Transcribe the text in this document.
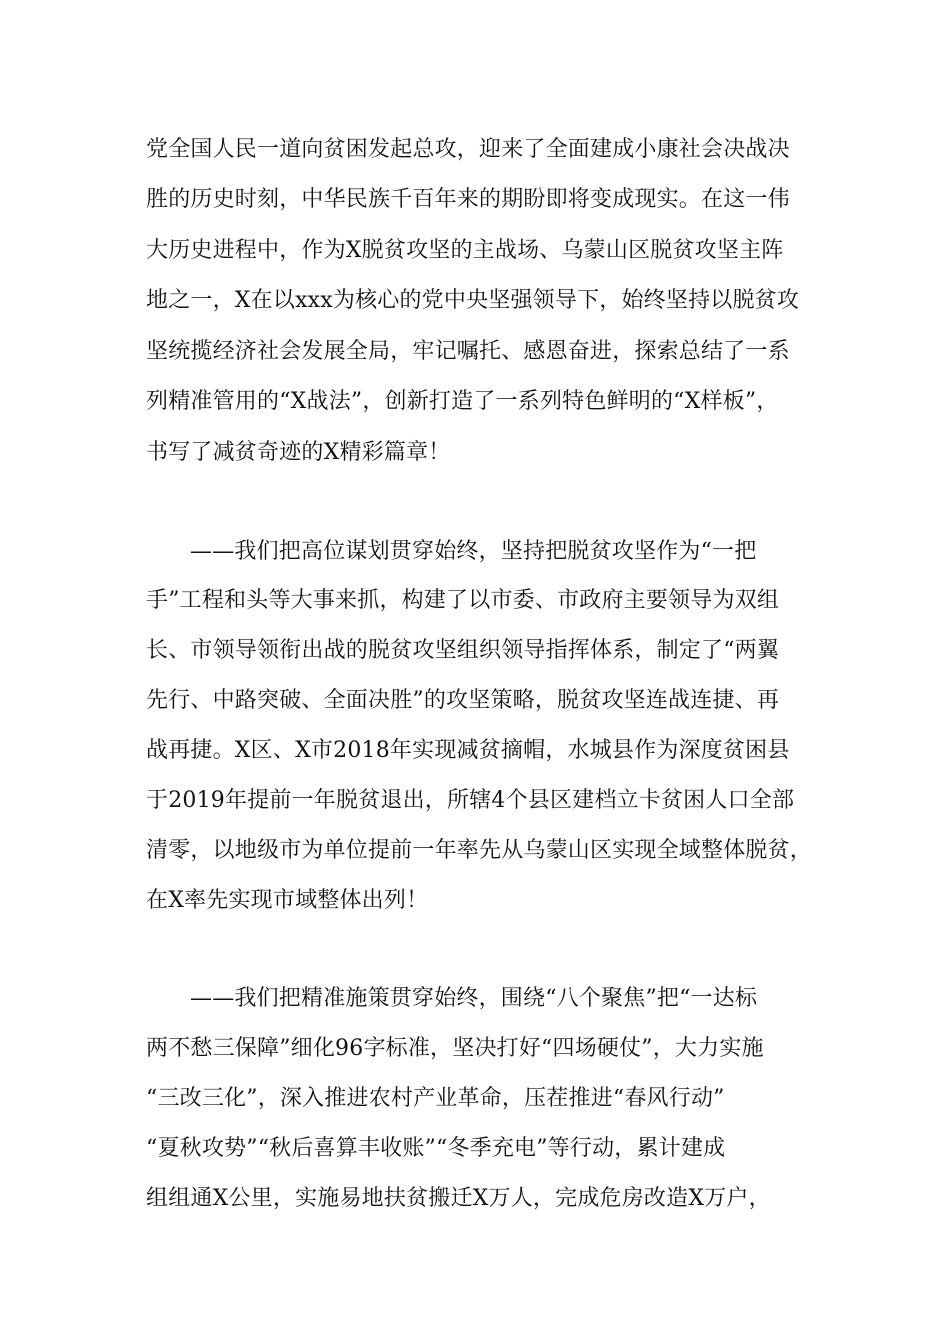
党全国人民一道向贫困发起总攻，迎来了全面建成小康社会决战决
胜的历史时刻，中华民族千百年来的期盼即将变成现实。在这一伟
大历史进程中，作为X脱贫攻坚的主战场、乌蒙山区脱贫攻坚主阵
地之一，X在以xxx为核心的党中央坚强领导下，始终坚持以脱贫攻
坚统揽经济社会发展全局，牢记嘱托、感恩奋进，探索总结了一系
列精准管用的“X战法”，创新打造了一系列特色鲜明的“X样板”，
书写了减贫奇迹的X精彩篇章！
——我们把高位谋划贯穿始终，坚持把脱贫攻坚作为“一把
手”工程和头等大事来抓，构建了以市委、市政府主要领导为双组
长、市领导领衔出战的脱贫攻坚组织领导指挥体系，制定了“两翼
先行、中路突破、全面决胜”的攻坚策略，脱贫攻坚连战连捷、再
战再捷。X区、X市2018年实现减贫摘帽，水城县作为深度贫困县
于2019年提前一年脱贫退出，所辖4个县区建档立卡贫困人口全部
清零，以地级市为单位提前一年率先从乌蒙山区实现全域整体脱贫，
在X率先实现市域整体出列！
——我们把精准施策贯穿始终，围绕“八个聚焦”把“一达标
两不愁三保障”细化96字标准，坚决打好“四场硬仗”，大力实施
“三改三化”，深入推进农村产业革命，压茬推进“春风行动”
“夏秋攻势”“秋后喜算丰收账”“冬季充电”等行动，累计建成
组组通X公里，实施易地扶贫搬迁X万人，完成危房改造X万户，
